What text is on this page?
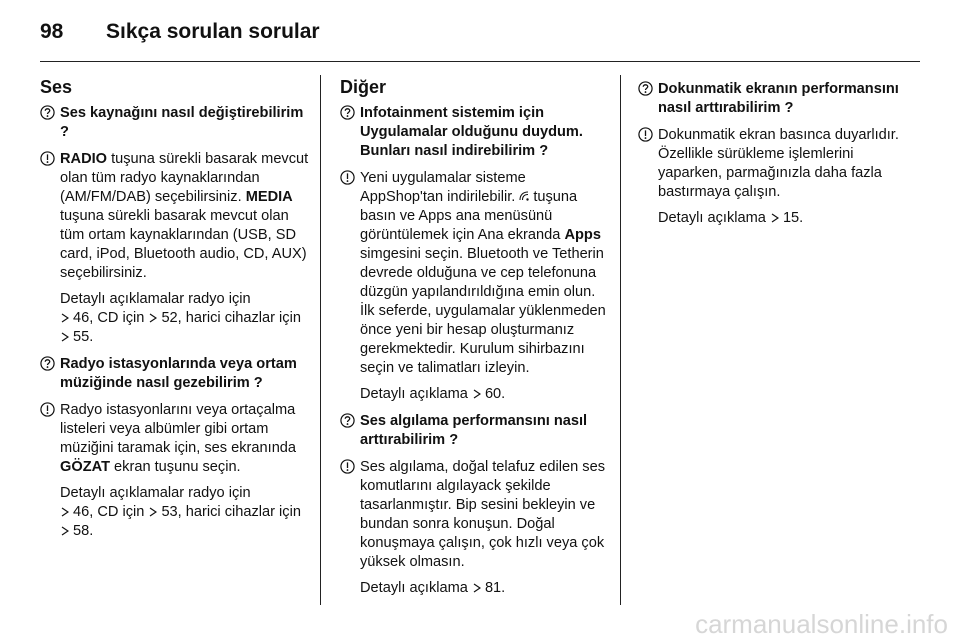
98 Sıkça sorulan sorular
Ses
Ses kaynağını nasıl değiştirebilirim ?
RADIO tuşuna sürekli basarak mevcut olan tüm radyo kaynaklarından (AM/FM/DAB) seçebilirsiniz. MEDIA tuşuna sürekli basarak mevcut olan tüm ortam kaynaklarından (USB, SD card, iPod, Bluetooth audio, CD, AUX) seçebilirsiniz.
Detaylı açıklamalar radyo için
46, CD için 52, harici cihazlar için 55.
Radyo istasyonlarında veya ortam müziğinde nasıl gezebilirim ?
Radyo istasyonlarını veya ortaçalma listeleri veya albümler gibi ortam müziğini taramak için, ses ekranında GÖZAT ekran tuşunu seçin.
Detaylı açıklamalar radyo için
46, CD için 53, harici cihazlar için 58.
Diğer
Infotainment sistemim için Uygulamalar olduğunu duydum. Bunları nasıl indirebilirim ?
Yeni uygulamalar sisteme AppShop'tan indirilebilir. tuşuna basın ve Apps ana menüsünü görüntülemek için Ana ekranda Apps simgesini seçin. Bluetooth ve Tetherin devrede olduğuna ve cep telefonuna düzgün yapılandırıldığına emin olun. İlk seferde, uygulamalar yüklenmeden önce yeni bir hesap oluşturmanız gerekmektedir. Kurulum sihirbazını seçin ve talimatları izleyin.
Detaylı açıklama 60.
Ses algılama performansını nasıl arttırabilirim ?
Ses algılama, doğal telafuz edilen ses komutlarını algılayack şekilde tasarlanmıştır. Bip sesini bekleyin ve bundan sonra konuşun. Doğal konuşmaya çalışın, çok hızlı veya çok yüksek olmasın.
Detaylı açıklama 81.
Dokunmatik ekranın performansını nasıl arttırabilirim ?
Dokunmatik ekran basınca duyarlıdır. Özellikle sürükleme işlemlerini yaparken, parmağınızla daha fazla bastırmaya çalışın.
Detaylı açıklama 15.
carmanualsonline.info
